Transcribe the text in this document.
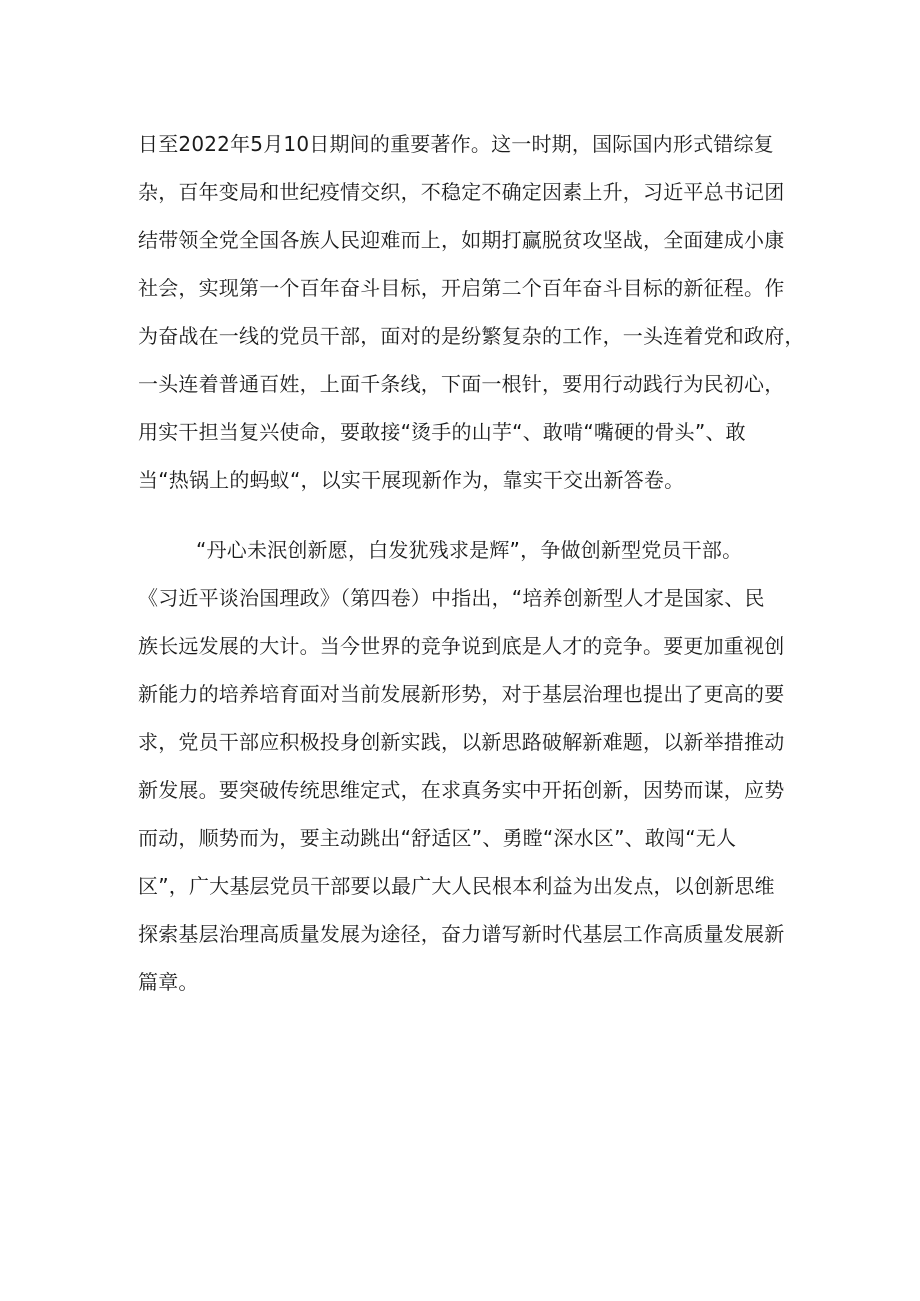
日至2022年5月10日期间的重要著作。这一时期，国际国内形式错综复
杂，百年变局和世纪疫情交织，不稳定不确定因素上升，习近平总书记团
结带领全党全国各族人民迎难而上，如期打赢脱贫攻坚战，全面建成小康
社会，实现第一个百年奋斗目标，开启第二个百年奋斗目标的新征程。作
为奋战在一线的党员干部，面对的是纷繁复杂的工作，一头连着党和政府，
一头连着普通百姓，上面千条线，下面一根针，要用行动践行为民初心，
用实干担当复兴使命，要敢接“烫手的山芋“、敢啃“嘴硬的骨头”、敢
当“热锅上的蚂蚁“，以实干展现新作为，靠实干交出新答卷。
“丹心未泯创新愿，白发犹残求是辉”，争做创新型党员干部。
《习近平谈治国理政》（第四卷）中指出，“培养创新型人才是国家、民
族长远发展的大计。当今世界的竞争说到底是人才的竞争。要更加重视创
新能力的培养培育面对当前发展新形势，对于基层治理也提出了更高的要
求，党员干部应积极投身创新实践，以新思路破解新难题，以新举措推动
新发展。要突破传统思维定式，在求真务实中开拓创新，因势而谋，应势
而动，顺势而为，要主动跳出“舒适区”、勇瞠“深水区”、敢闯“无人
区”，广大基层党员干部要以最广大人民根本利益为出发点，以创新思维
探索基层治理高质量发展为途径，奋力谱写新时代基层工作高质量发展新
篇章。
